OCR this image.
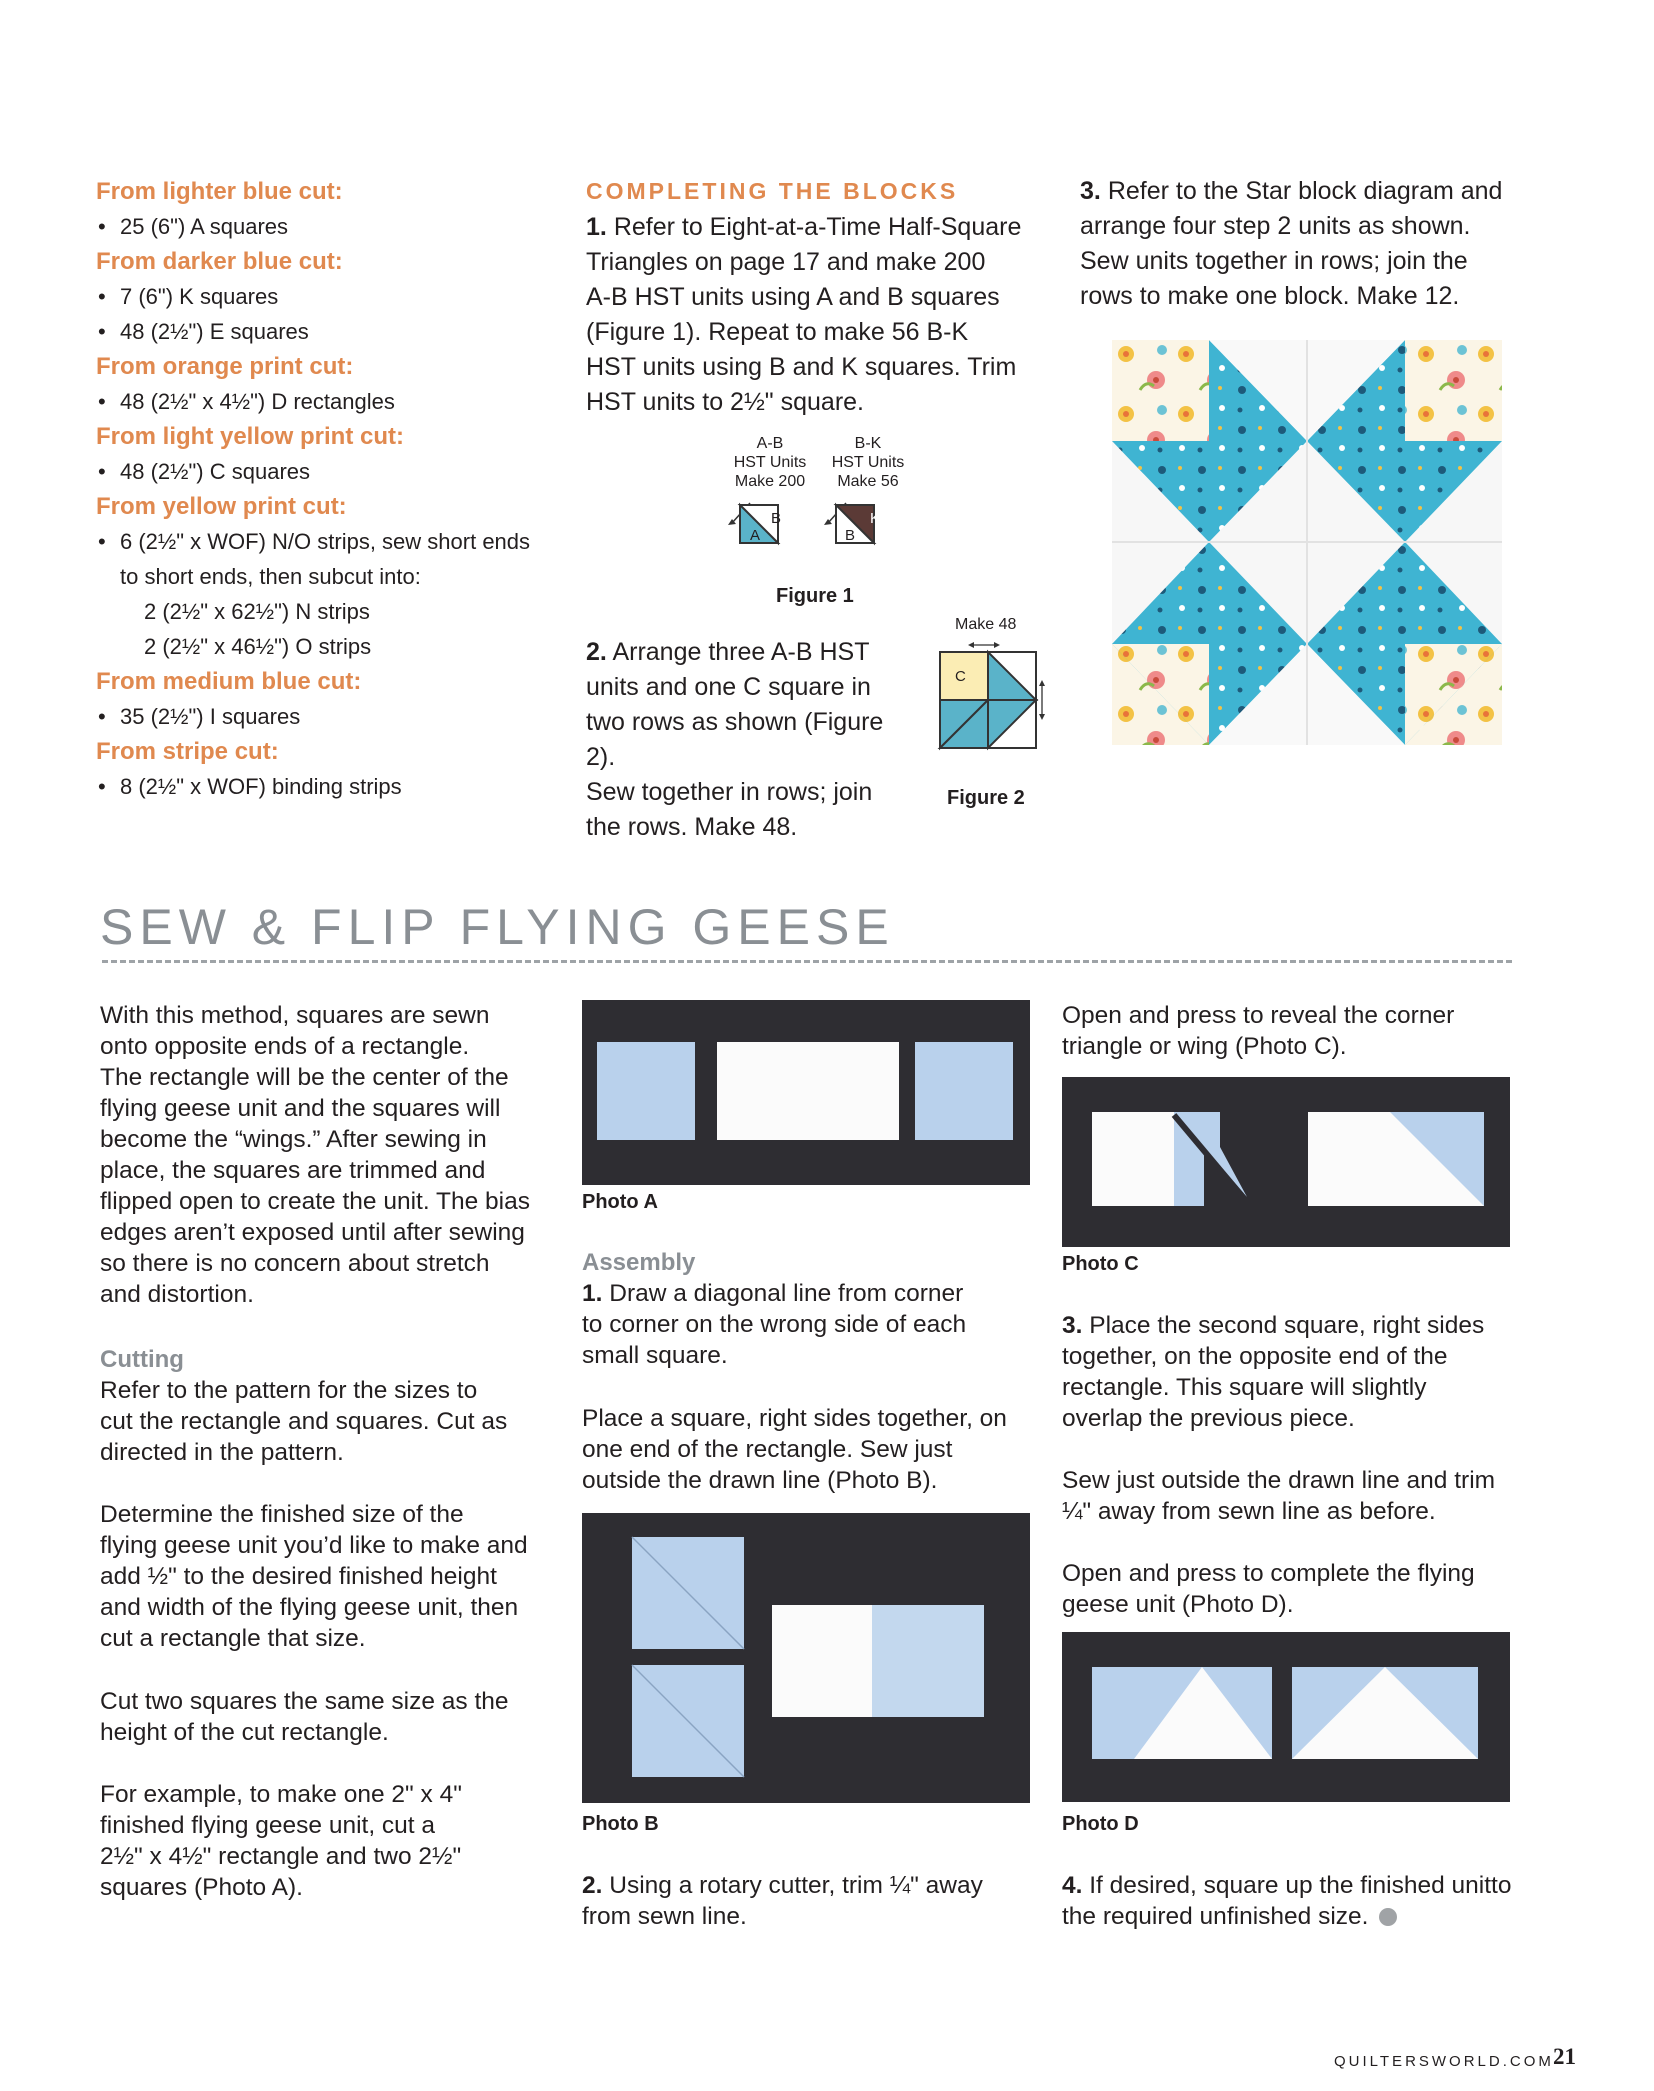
From lighter blue cut:
• 25 (6") A squares
From darker blue cut:
• 7 (6") K squares
• 48 (2½") E squares
From orange print cut:
• 48 (2½" x 4½") D rectangles
From light yellow print cut:
• 48 (2½") C squares
From yellow print cut:
• 6 (2½" x WOF) N/O strips, sew short ends
to short ends, then subcut into:
2 (2½" x 62½") N strips
2 (2½" x 46½") O strips
From medium blue cut:
• 35 (2½") I squares
From stripe cut:
• 8 (2½" x WOF) binding strips
COMPLETING THE BLOCKS
1. Refer to Eight-at-a-Time Half-Square
Triangles on page 17 and make 200
A-B HST units using A and B squares
(Figure 1). Repeat to make 56 B-K
HST units using B and K squares. Trim
HST units to 2½" square.
A-B
HST Units
Make 200
B-K
HST Units
Make 56
B
A
K
B
Figure 1
2. Arrange three A-B HST
units and one C square in
two rows as shown (Figure 2).
Sew together in rows; join
the rows. Make 48.
Make 48
C
Figure 2
3. Refer to the Star block diagram and
arrange four step 2 units as shown.
Sew units together in rows; join the
rows to make one block. Make 12.
SEW & FLIP FLYING GEESE
With this method, squares are sewn
onto opposite ends of a rectangle.
The rectangle will be the center of the
flying geese unit and the squares will
become the “wings.” After sewing in
place, the squares are trimmed and
flipped open to create the unit. The bias
edges aren’t exposed until after sewing
so there is no concern about stretch
and distortion.
Cutting
Refer to the pattern for the sizes to
cut the rectangle and squares. Cut as
directed in the pattern.
Determine the finished size of the
flying geese unit you’d like to make and
add ½" to the desired finished height
and width of the flying geese unit, then
cut a rectangle that size.
Cut two squares the same size as the
height of the cut rectangle.
For example, to make one 2" x 4"
finished flying geese unit, cut a
2½" x 4½" rectangle and two 2½"
squares (Photo A).
Photo A
Assembly
1. Draw a diagonal line from corner
to corner on the wrong side of each
small square.
Place a square, right sides together, on
one end of the rectangle. Sew just
outside the drawn line (Photo B).
Photo B
2. Using a rotary cutter, trim ¼" away
from sewn line.
Open and press to reveal the corner
triangle or wing (Photo C).
Photo C
3. Place the second square, right sides
together, on the opposite end of the
rectangle. This square will slightly
overlap the previous piece.
Sew just outside the drawn line and trim
¼" away from sewn line as before.
Open and press to complete the flying
geese unit (Photo D).
Photo D
4. If desired, square up the finished unitto the required unfinished size.
QUILTERSWORLD.COM 21
